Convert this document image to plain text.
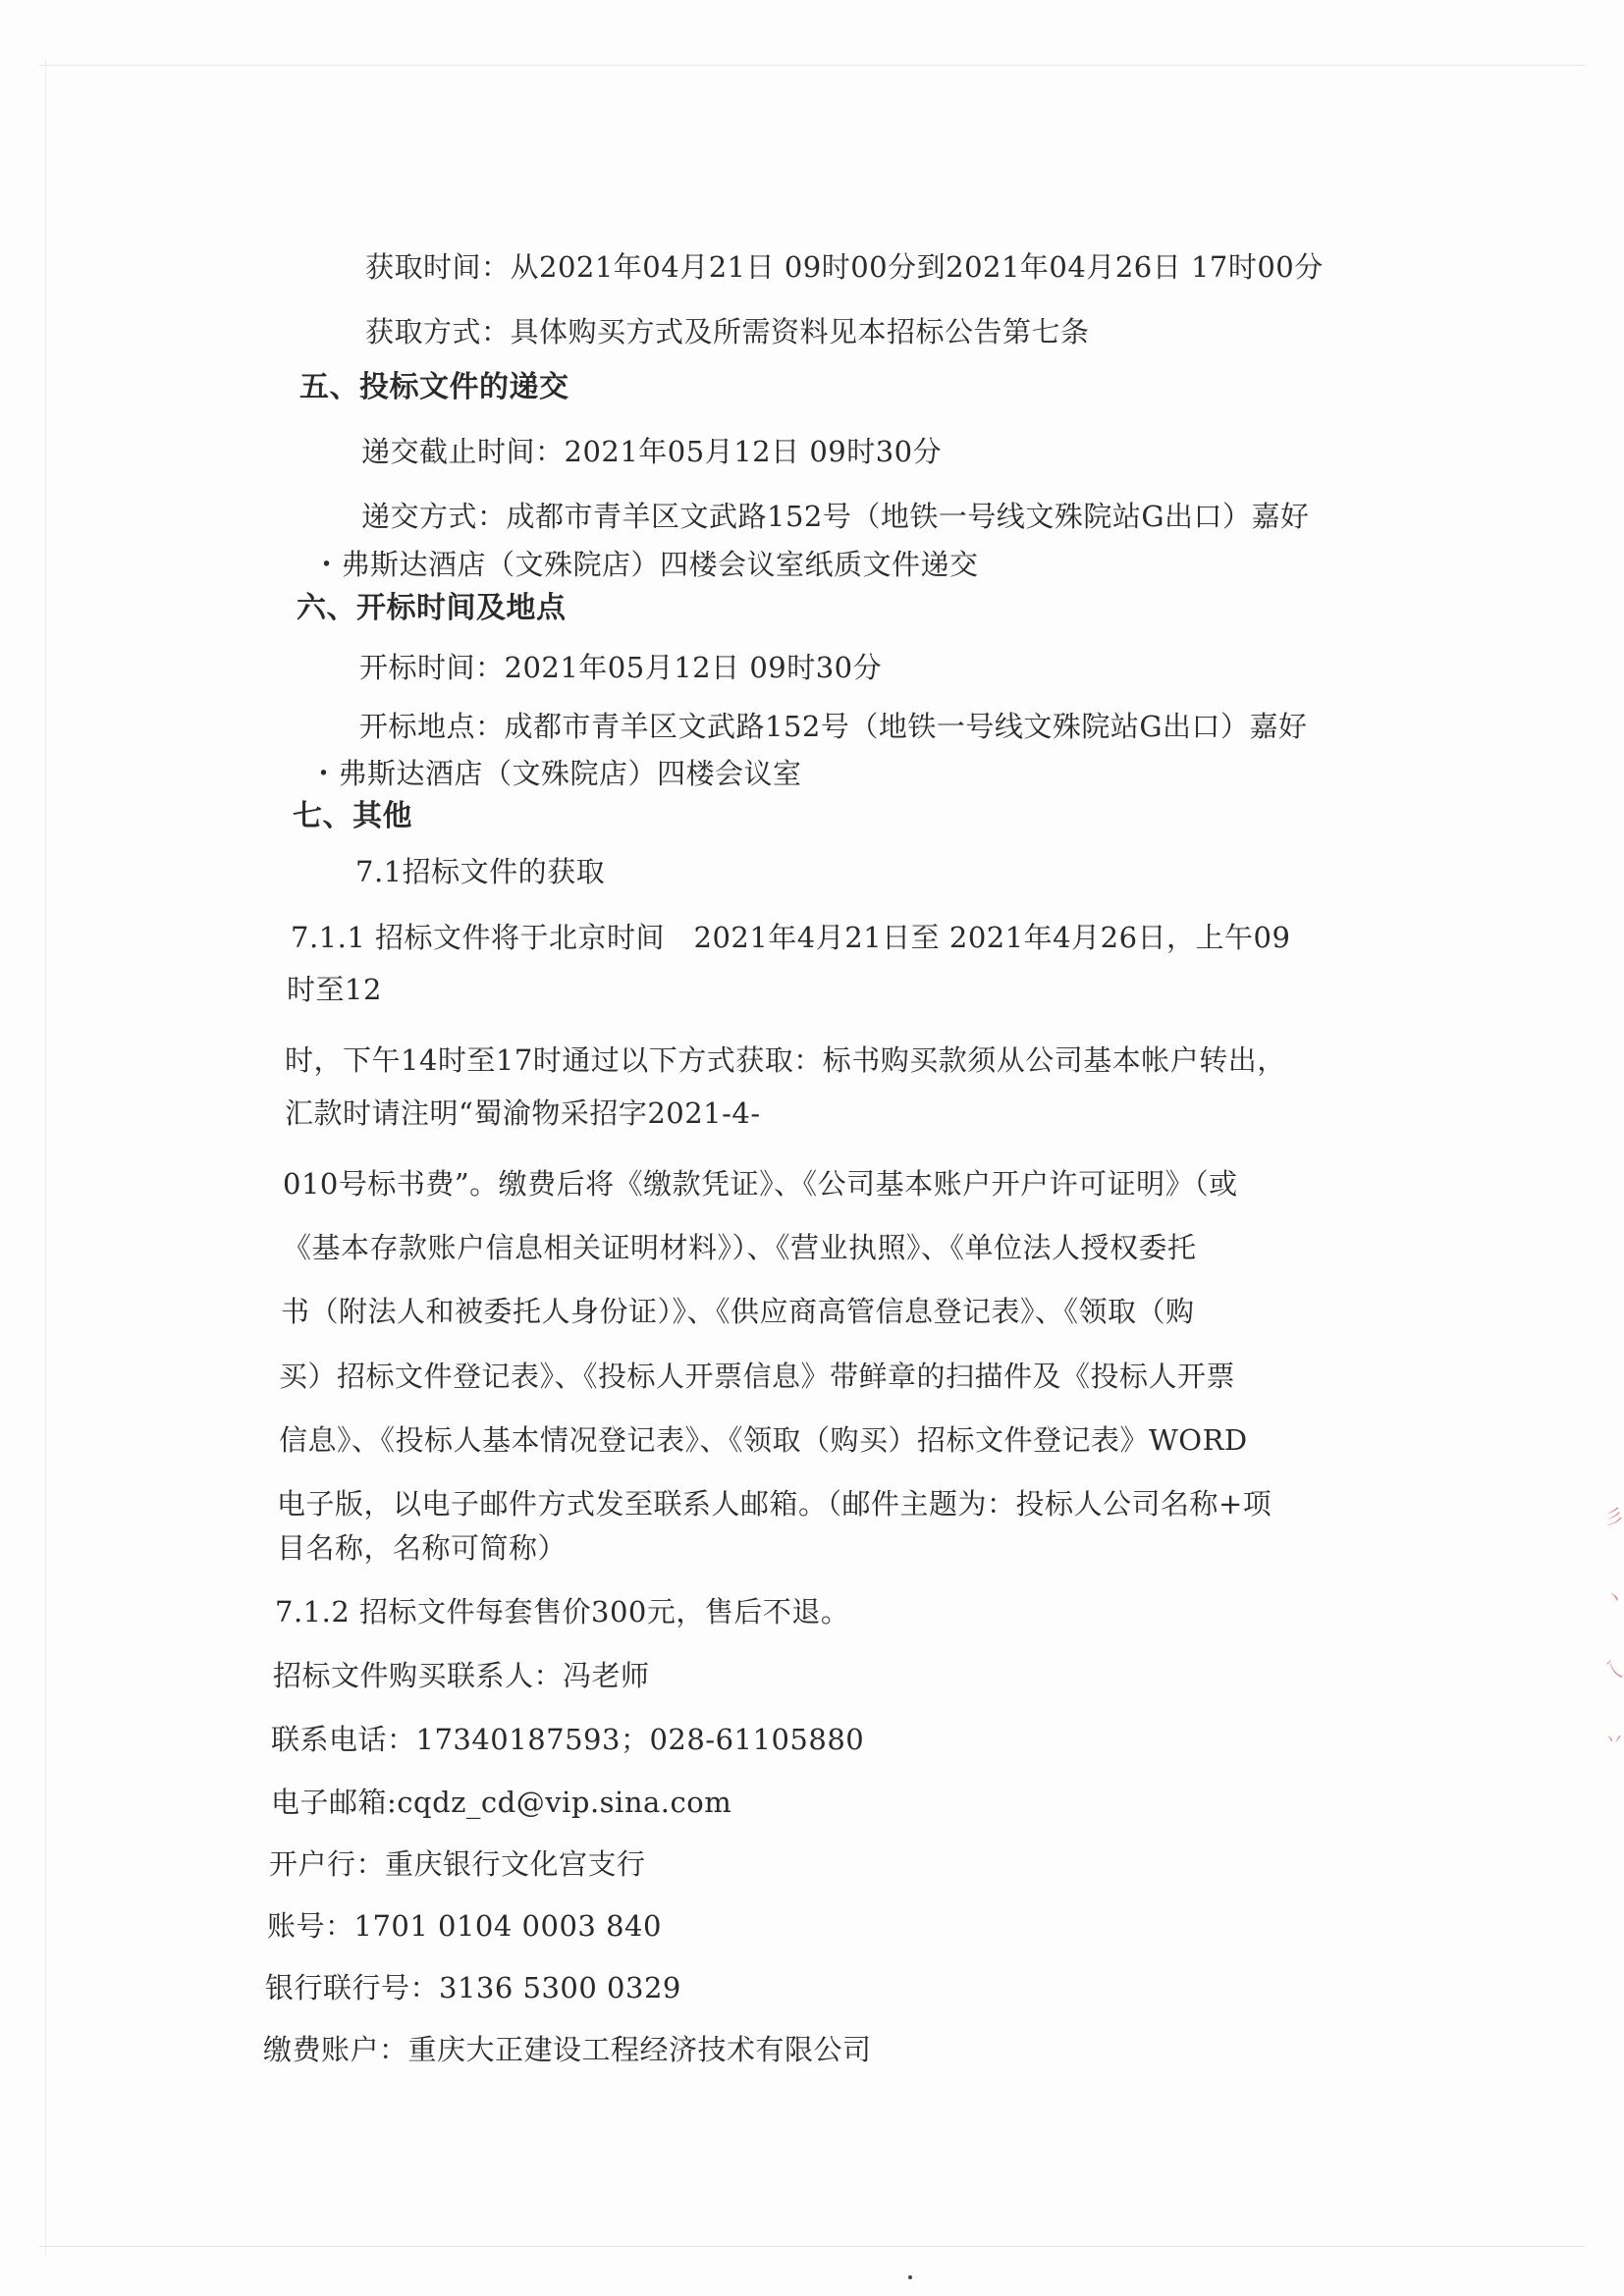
获取时间：从2021年04月21日 09时00分到2021年04月26日 17时00分
获取方式：具体购买方式及所需资料见本招标公告第七条
五、投标文件的递交
递交截止时间：2021年05月12日 09时30分
递交方式：成都市青羊区文武路152号（地铁一号线文殊院站G出口）嘉好
・弗斯达酒店（文殊院店）四楼会议室纸质文件递交
六、开标时间及地点
开标时间：2021年05月12日 09时30分
开标地点：成都市青羊区文武路152号（地铁一号线文殊院站G出口）嘉好
・弗斯达酒店（文殊院店）四楼会议室
七、其他
7.1招标文件的获取
7.1.1 招标文件将于北京时间　2021年4月21日至 2021年4月26日，上午09
时至12
时，下午14时至17时通过以下方式获取：标书购买款须从公司基本帐户转出，
汇款时请注明“蜀渝物采招字2021-4-
010号标书费”。缴费后将《缴款凭证》、《公司基本账户开户许可证明》（或
《基本存款账户信息相关证明材料》）、《营业执照》、《单位法人授权委托
书（附法人和被委托人身份证）》、《供应商高管信息登记表》、《领取（购
买）招标文件登记表》、《投标人开票信息》带鲜章的扫描件及《投标人开票
信息》、《投标人基本情况登记表》、《领取（购买）招标文件登记表》WORD
电子版，以电子邮件方式发至联系人邮箱。（邮件主题为：投标人公司名称+项
目名称，名称可简称）
7.1.2 招标文件每套售价300元，售后不退。
招标文件购买联系人：冯老师
联系电话：17340187593；028-61105880
电子邮箱:cqdz_cd@vip.sina.com
开户行：重庆银行文化宫支行
账号：1701 0104 0003 840
银行联行号：3136 5300 0329
缴费账户：重庆大正建设工程经济技术有限公司
彡
丶
乀
丷
